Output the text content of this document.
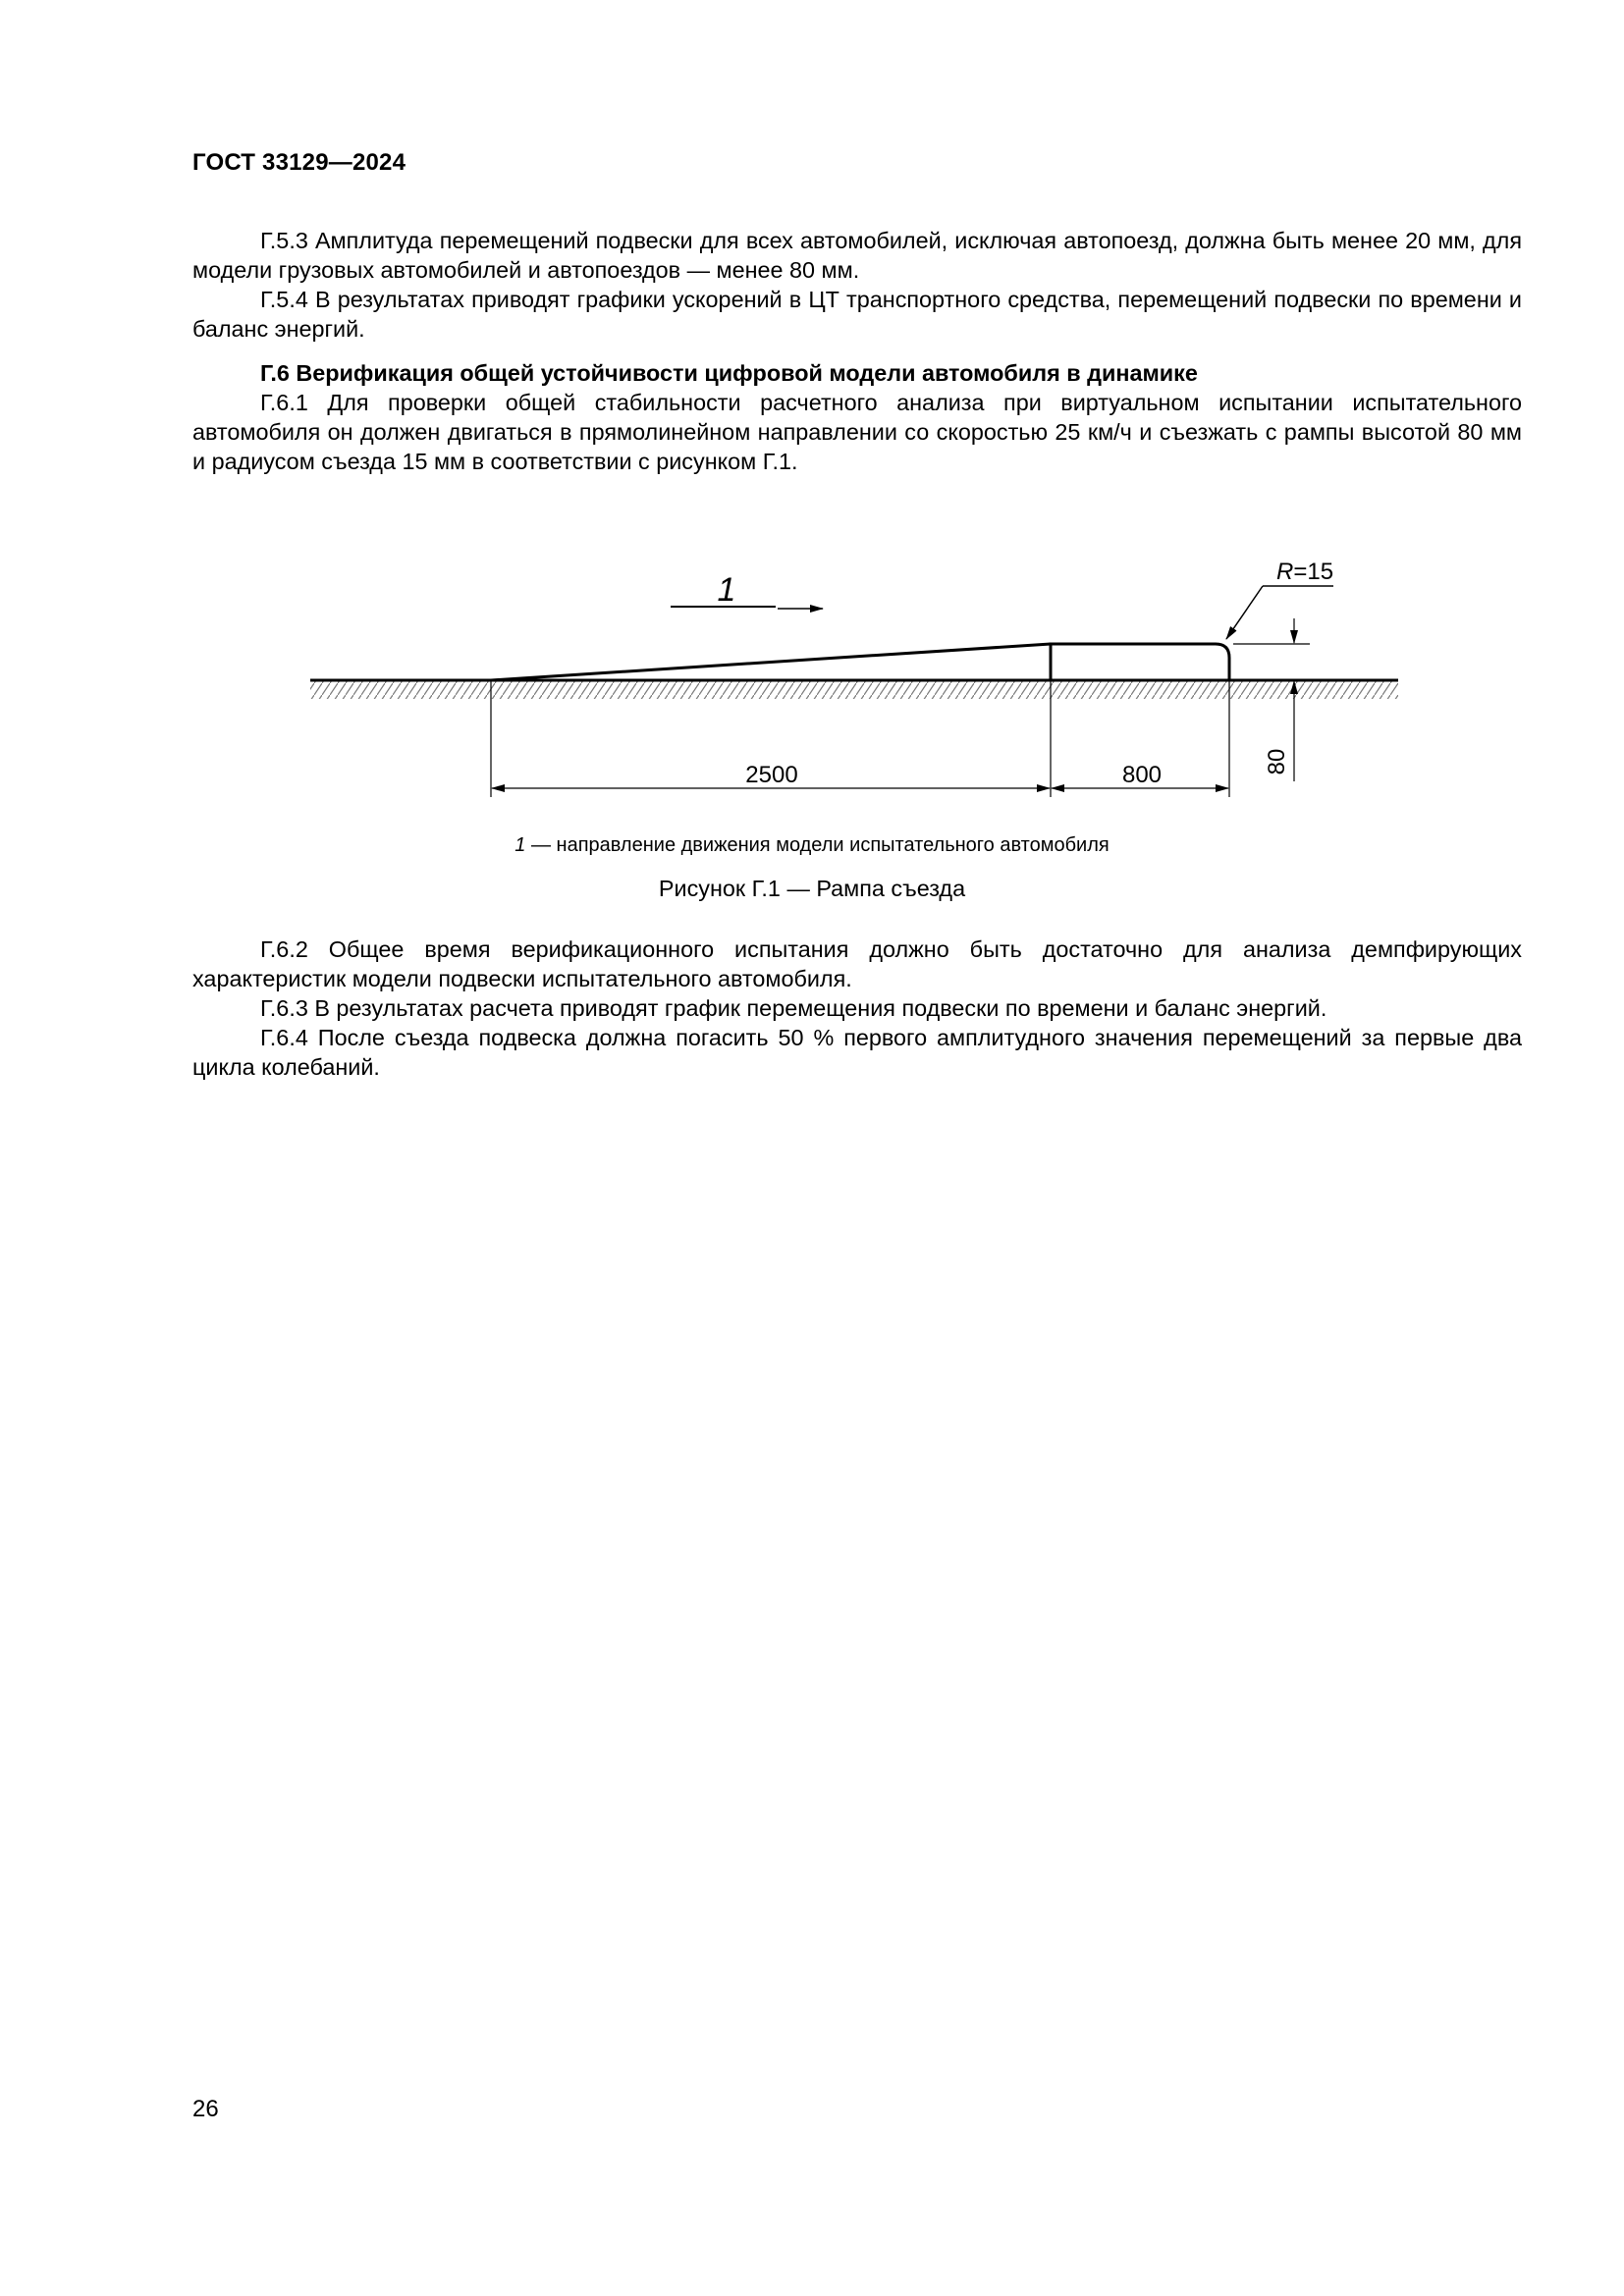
ГОСТ 33129—2024

Г.5.3 Амплитуда перемещений подвески для всех автомобилей, исключая автопоезд, должна быть менее 20 мм, для модели грузовых автомобилей и автопоездов — менее 80 мм.

Г.5.4 В результатах приводят графики ускорений в ЦТ транспортного средства, перемещений подвески по времени и баланс энергий.

Г.6 Верификация общей устойчивости цифровой модели автомобиля в динамике

Г.6.1 Для проверки общей стабильности расчетного анализа при виртуальном испытании испытательного автомобиля он должен двигаться в прямолинейном направлении со скоростью 25 км/ч и съезжать с рампы высотой 80 мм и радиусом съезда 15 мм в соответствии с рисунком Г.1.

1	R=15
80
2500	800
1 — направление движения модели испытательного автомобиля
Рисунок Г.1 — Рампа съезда

Г.6.2 Общее время верификационного испытания должно быть достаточно для анализа демпфирующих характеристик модели подвески испытательного автомобиля.

Г.6.3 В результатах расчета приводят график перемещения подвески по времени и баланс энергий.

Г.6.4 После съезда подвеска должна погасить 50 % первого амплитудного значения перемещений за первые два цикла колебаний.

26
